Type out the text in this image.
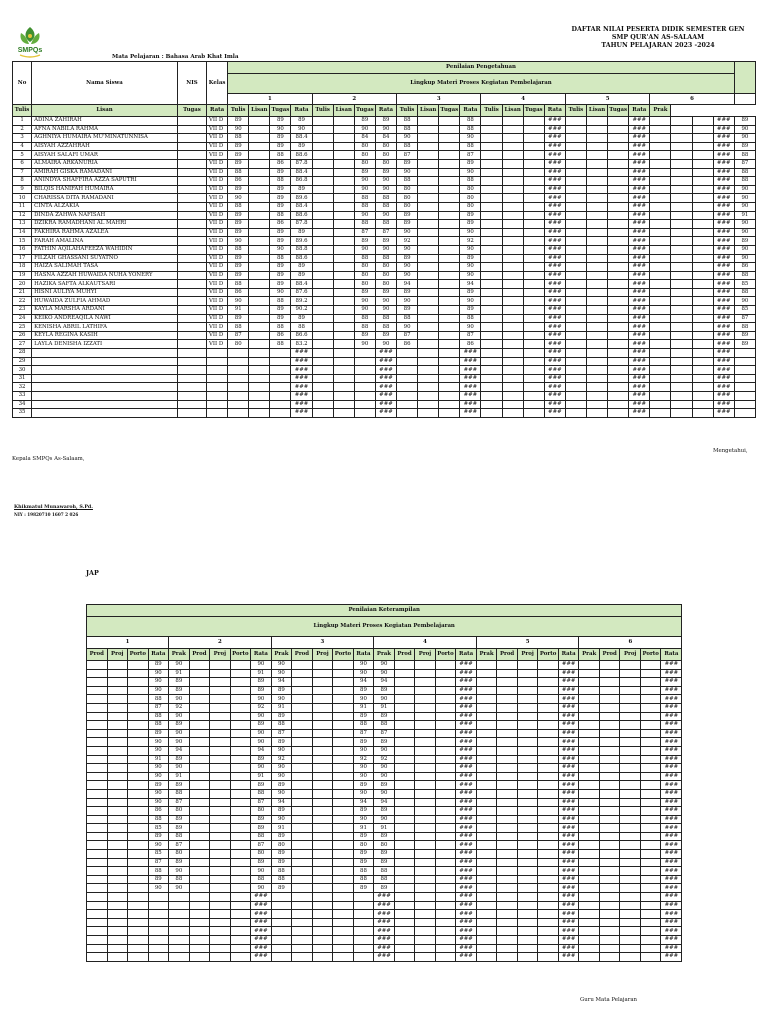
SMPQs
DAFTAR NILAI PESERTA DIDIK SEMESTER GEN
SMP QUR'AN AS-SALAAM
TAHUN PELAJARAN 2023 -2024
Mata Pelajaran : Bahasa Arab Khat Imla
No	Nama Siswa	NIS	Kelas	Penilaian Pengetahuan																								
				Lingkup Materi Proses Kegiatan Pembelajaran																								
				1				2				3				4				5				6				
Tulis	Lisan	Tugas	Rata	Tulis	Lisan	Tugas	Rata	Tulis	Lisan	Tugas	Rata	Tulis	Lisan	Tugas	Rata	Tulis	Lisan	Tugas	Rata	Tulis	Lisan	Tugas	Rata	Prak				
1	ADINA ZAHIRAH		VII D	89		89	89			89	89	88			88				###				###				###	89
2	AFNA NABILA RAHMA		VII D	90		90	90			90	90	88			88				###				###				###	90
3	AGHNIYA HUMAIRA MU'MINATUNNISA		VII D	88		89	88.4			84	84	90			90				###				###				###	90
4	AISYAH AZZAHRAH		VII D	89		89	89			80	80	88			88				###				###				###	89
5	AISYAH SALAFI UMAR		VII D	89		88	88.6			80	80	87			87				###				###				###	88
6	ALMAIRA ARKANURIA		VII D	89		86	87.8			80	80	89			89				###				###				###	87
7	AMIRAH GISKA RAMADANI		VII D	88		89	88.4			89	89	90			90				###				###				###	88
8	ANINDYA SHAFFIRA AZZA SAPUTRI		VII D	86		88	86.8			90	90	88			88				###				###				###	88
9	BILQIS HANIFAH HUMAIRA		VII D	89		89	89			90	90	80			80				###				###				###	90
10	CHARISSA DITA RAMADANI		VII D	90		89	89.6			88	88	80			80				###				###				###	90
11	CINTA ALZAKIA		VII D	88		89	88.4			88	88	80			80				###				###				###	90
12	DINDA ZAHWA NAFISAH		VII D	89		88	88.6			90	90	89			89				###				###				###	91
13	DZIKRA RAMADHANI AL MAHRI		VII D	89		86	87.8			88	88	89			89				###				###				###	90
14	FAKHIRA RAHMA AZALEA		VII D	89		89	89			87	87	90			90				###				###				###	90
15	FARAH AMALINA		VII D	90		89	89.6			89	89	92			92				###				###				###	89
16	FATHIN AQILAHAFEEZA WAHIDIN		VII D	88		90	88.8			90	90	90			90				###				###				###	90
17	FILZAH GHASSANI SUYATNO		VII D	89		88	88.6			88	88	89			89				###				###				###	90
18	HAIZA SALIMAH TASA		VII D	89		89	89			80	80	90			90				###				###				###	86
19	HASNA AZZAH HUWAIDA NUHA YONERY		VII D	89		89	89			80	80	90			90				###				###				###	88
20	HAZIKA SAFTA ALKAUTSARI		VII D	88		89	88.4			80	80	94			94				###				###				###	85
21	HISNI AULIYA MUHYI		VII D	86		90	87.6			89	89	89			89				###				###				###	88
22	HUWAIDA ZULFIA AHMAD		VII D	90		88	89.2			90	90	90			90				###				###				###	90
23	KAYLA MARSHA ARDANI		VII D	91		89	90.2			90	90	89			89				###				###				###	85
24	KEIKO ANDREAQILA NAWI		VII D	89		89	89			88	88	88			88				###				###				###	87
25	KENISHA ABRIL LATHIFA		VII D	88		88	88			88	88	90			90				###				###				###	88
26	KEYLA REGINA KASIH		VII D	87		86	86.6			89	89	87			87				###				###				###	89
27	LAYLA DENISHA IZZATI		VII D	80		88	83.2			90	90	86			86				###				###				###	89
28							###				###				###				###				###				###	
29							###				###				###				###				###				###	
30							###				###				###				###				###				###	
31							###				###				###				###				###				###	
32							###				###				###				###				###				###	
33							###				###				###				###				###				###	
34							###				###				###				###				###				###	
35							###				###				###				###				###				###	
Kepala SMPQs As-Salaam,
Mengetahui,
Khikmatul Munawaroh, S.Pd.
NIY : 19820710 1607 2 026
JAP
Penilaian Keterampilan																												
Lingkup Materi Proses Kegiatan Pembelajaran																												
1				2					3					4					5					6				
Prod	Proj	Porto	Rata	Prak	Prod	Proj	Porto	Rata	Prak	Prod	Proj	Porto	Rata	Prak	Prod	Proj	Porto	Rata	Prak	Prod	Proj	Porto	Rata	Prak	Prod	Proj	Porto	Rata
			89	90				90	90				90	90				###					###					###
			90	91				91	90				90	90				###					###					###
			90	89				89	94				94	94				###					###					###
			90	89				89	89				89	89				###					###					###
			88	90				90	90				90	90				###					###					###
			87	92				92	91				91	91				###					###					###
			88	90				90	89				89	89				###					###					###
			88	89				89	88				88	88				###					###					###
			89	90				90	87				87	87				###					###					###
			90	90				90	89				89	89				###					###					###
			90	94				94	90				90	90				###					###					###
			91	89				89	92				92	92				###					###					###
			90	90				90	90				90	90				###					###					###
			90	91				91	90				90	90				###					###					###
			89	89				89	89				89	89				###					###					###
			90	88				88	90				90	90				###					###					###
			90	87				87	94				94	94				###					###					###
			86	80				80	89				89	89				###					###					###
			88	89				89	90				90	90				###					###					###
			85	89				89	91				91	91				###					###					###
			89	88				88	89				89	89				###					###					###
			90	87				87	80				80	80				###					###					###
			85	80				80	89				89	89				###					###					###
			87	89				89	89				89	89				###					###					###
			88	90				90	88				88	88				###					###					###
			89	88				88	88				88	88				###					###					###
			90	90				90	89				89	89				###					###					###
								###						###				###					###					###
								###						###				###					###					###
								###						###				###					###					###
								###						###				###					###					###
								###						###				###					###					###
								###						###				###					###					###
								###						###				###					###					###
								###						###				###					###					###
Guru Mata Pelajaran
